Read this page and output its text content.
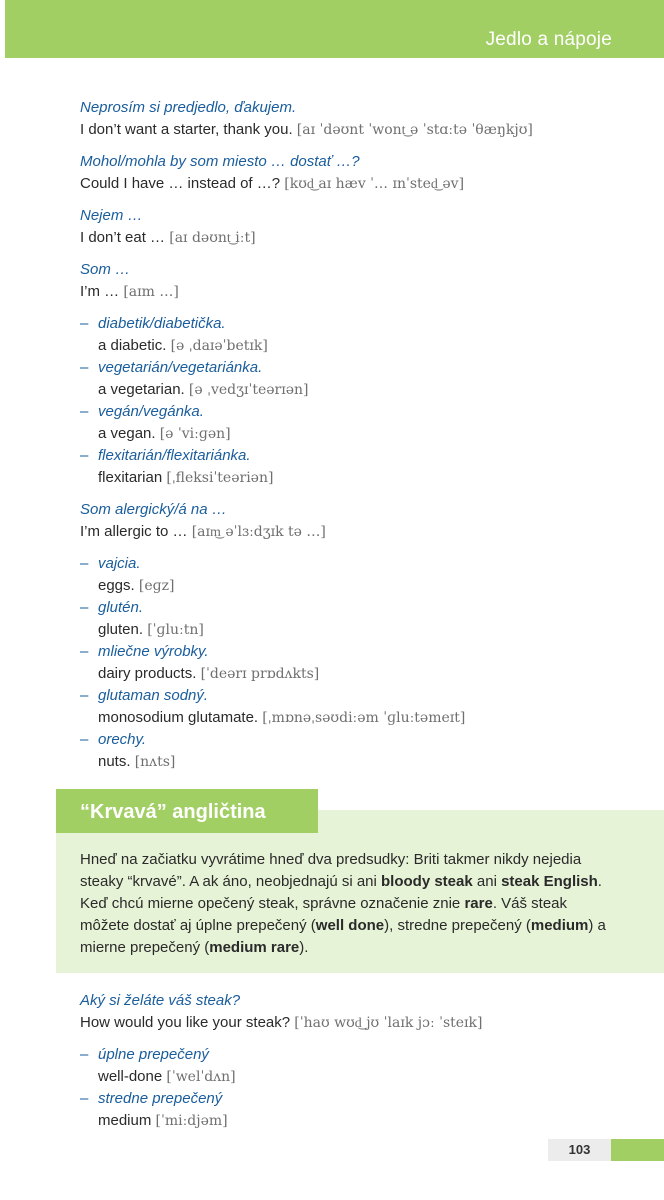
Jedlo a nápoje
Neprosím si predjedlo, ďakujem.
I don’t want a starter, thank you. [aɪ ˈdəʊnt ˈwont͜ ə ˈstɑːtə ˈθæŋkjʊ]
Mohol/mohla by som miesto … dostať …?
Could I have … instead of …? [kʊd͜ aɪ hæv ˈ… ɪnˈsted͜ əv]
Nejem …
I don’t eat … [aɪ dəʊnt͜ iːt]
Som …
I’m … [aɪm …]
– diabetik/diabetička.
a diabetic. [ə ˌdaɪəˈbetɪk]
– vegetarián/vegetariánka.
a vegetarian. [ə ˌvedʒɪˈteərɪən]
– vegán/vegánka.
a vegan. [ə ˈviːɡən]
– flexitarián/flexitariánka.
flexitarian [ˌfleksiˈteəriən]
Som alergický/á na …
I’m allergic to … [aɪm͜ əˈlɜːdʒɪk tə …]
– vajcia.
eggs. [eɡz]
– glutén.
gluten. [ˈɡluːtn]
– mliečne výrobky.
dairy products. [ˈdeərɪ prɒdʌkts]
– glutaman sodný.
monosodium glutamate. [ˌmɒnəˌsəʊdiːəm ˈɡluːtəmeɪt]
– orechy.
nuts. [nʌts]
“Krvavá” angličtina
Hneď na začiatku vyvrátime hneď dva predsudky: Briti takmer nikdy nejedia steaky “krvavé”. A ak áno, neobjednajú si ani bloody steak ani steak English. Keď chcú mierne opečený steak, správne označenie znie rare. Váš steak môžete dostať aj úplne prepečený (well done), stredne prepečený (medium) a mierne prepečený (medium rare).
Aký si želáte váš steak?
How would you like your steak? [ˈhaʊ wʊd͜ jʊ ˈlaɪk jɔː ˈsteɪk]
– úplne prepečený
well-done [ˈwelˈdʌn]
– stredne prepečený
medium [ˈmiːdjəm]
103
